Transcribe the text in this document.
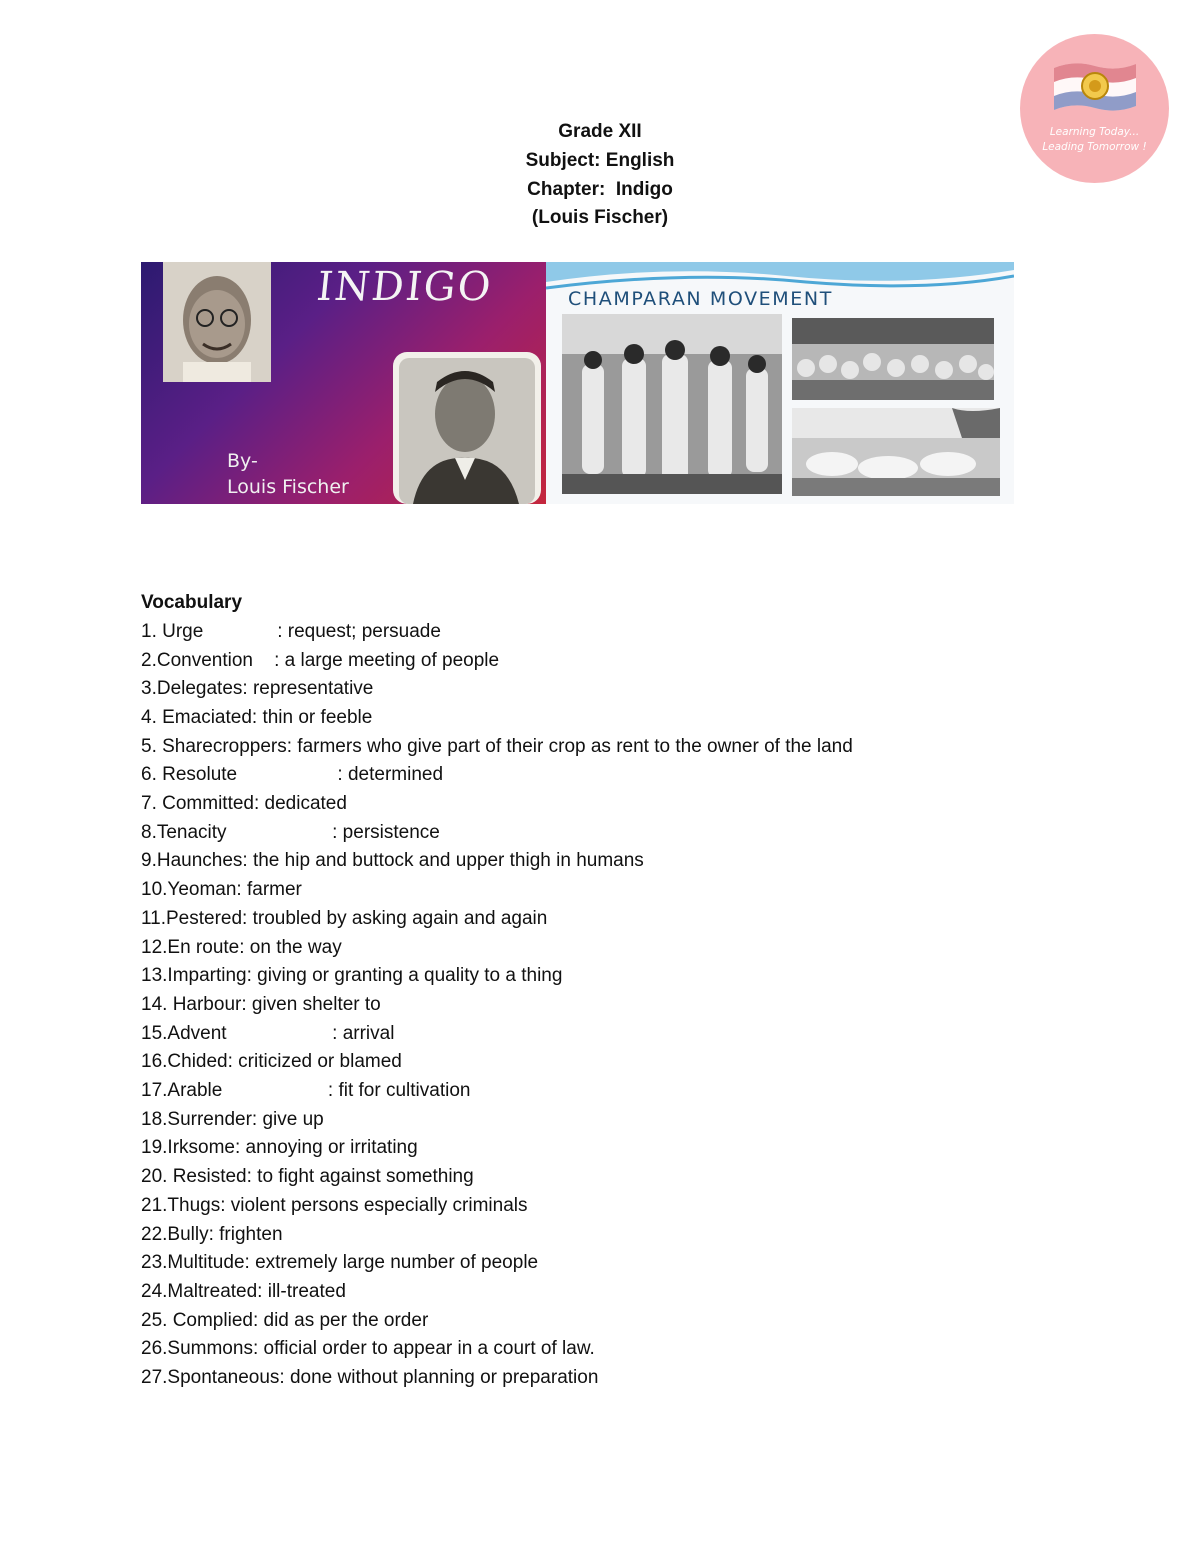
Learning Today...
Leading Tomorrow !
Grade XII
Subject: English
Chapter:  Indigo
(Louis Fischer)
INDIGO
By-
Louis Fischer
CHAMPARAN MOVEMENT
Vocabulary
1. Urge              : request; persuade
2.Convention    : a large meeting of people
3.Delegates: representative
4. Emaciated: thin or feeble
5. Sharecroppers: farmers who give part of their crop as rent to the owner of the land
6. Resolute                   : determined
7. Committed: dedicated
8.Tenacity                    : persistence
9.Haunches: the hip and buttock and upper thigh in humans
10.Yeoman: farmer
11.Pestered: troubled by asking again and again
12.En route: on the way
13.Imparting: giving or granting a quality to a thing
14. Harbour: given shelter to
15.Advent                    : arrival
16.Chided: criticized or blamed
17.Arable                    : fit for cultivation
18.Surrender: give up
19.Irksome: annoying or irritating
20. Resisted: to fight against something
21.Thugs: violent persons especially criminals
22.Bully: frighten
23.Multitude: extremely large number of people
24.Maltreated: ill-treated
25. Complied: did as per the order
26.Summons: official order to appear in a court of law.
27.Spontaneous: done without planning or preparation
